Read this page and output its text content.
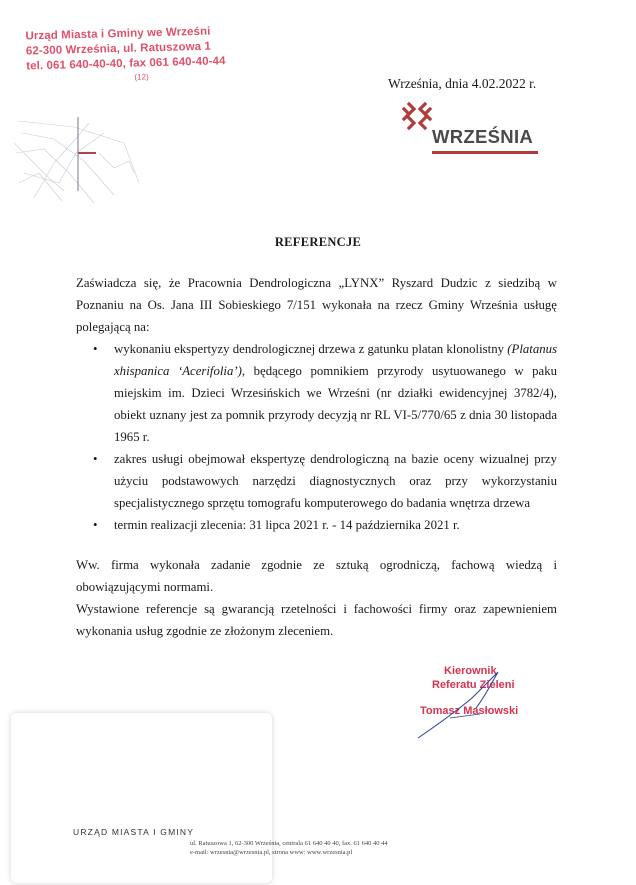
Urząd Miasta i Gminy we Wrześni
62-300 Września, ul. Ratuszowa 1
tel. 061 640-40-40, fax 061 640-40-44
(12)	Września, dnia 4.02.2022 r.
WRZEŚNIA
REFERENCJE

Zaświadcza się, że Pracownia Dendrologiczna „LYNX” Ryszard Dudzic z siedzibą w Poznaniu na Os. Jana III Sobieskiego 7/151 wykonała na rzecz Gminy Września usługę polegającą na:

• wykonaniu ekspertyzy dendrologicznej drzewa z gatunku platan klonolistny (Platanus xhispanica ‘Acerifolia’), będącego pomnikiem przyrody usytuowanego w paku miejskim im. Dzieci Wrzesińskich we Wrześni (nr działki ewidencyjnej 3782/4), obiekt uznany jest za pomnik przyrody decyzją nr RL VI-5/770/65 z dnia 30 listopada 1965 r.
• zakres usługi obejmował ekspertyzę dendrologiczną na bazie oceny wizualnej przy użyciu podstawowych narzędzi diagnostycznych oraz przy wykorzystaniu specjalistycznego sprzętu tomografu komputerowego do badania wnętrza drzewa
• termin realizacji zlecenia: 31 lipca 2021 r. - 14 października 2021 r.

Ww. firma wykonała zadanie zgodnie ze sztuką ogrodniczą, fachową wiedzą i obowiązującymi normami.

Wystawione referencje są gwarancją rzetelności i fachowości firmy oraz zapewnieniem wykonania usług zgodnie ze złożonym zleceniem.

Kierownik
Referatu Zieleni
Tomasz Masłowski
URZĄD MIASTA I GMINY
ul. Ratuszowa 1, 62-300 Września, centrala 61 640 40 40, fax. 61 640 40 44
e-mail: wrzesnia@wrzesnia.pl, strona www: www.wrzesnia.pl
